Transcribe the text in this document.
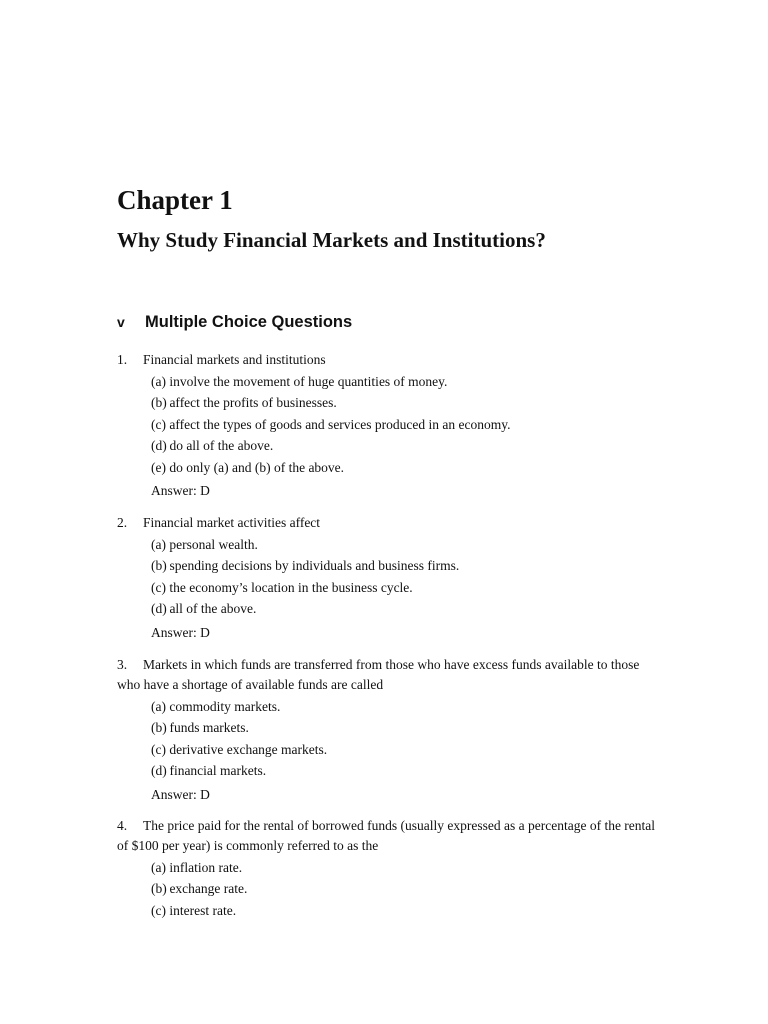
Chapter 1
Why Study Financial Markets and Institutions?
v	Multiple Choice Questions

1. Financial markets and institutions

(a) involve the movement of huge quantities of money.
(b) affect the profits of businesses.
(c) affect the types of goods and services produced in an economy.
(d) do all of the above.
(e) do only (a) and (b) of the above.

Answer: D

2. Financial market activities affect

(a) personal wealth.
(b) spending decisions by individuals and business firms.
(c) the economy’s location in the business cycle.
(d) all of the above.

Answer: D

3. Markets in which funds are transferred from those who have excess funds available to those who have a shortage of available funds are called

(a) commodity markets.
(b) funds markets.
(c) derivative exchange markets.
(d) financial markets.

Answer: D

4. The price paid for the rental of borrowed funds (usually expressed as a percentage of the rental of $100 per year) is commonly referred to as the

(a) inflation rate.
(b) exchange rate.
(c) interest rate.
